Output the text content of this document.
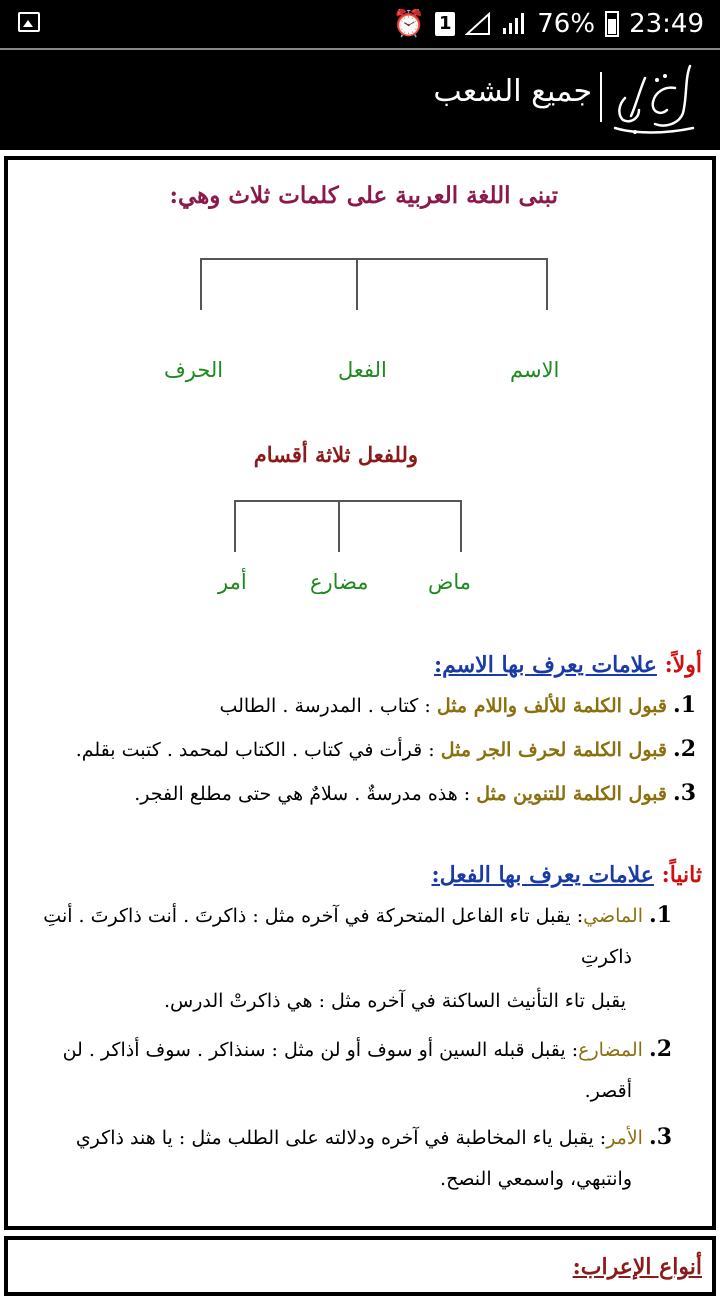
⏰ 1	76% 23:49
جميع الشعب
تبنى اللغة العربية على كلمات ثلاث وهي:
الاسم
الفعل
الحرف
وللفعل ثلاثة أقسام
ماض
مضارع
أمر
أولاً: علامات يعرف بها الاسم:
1. قبول الكلمة للألف واللام مثل : كتاب . المدرسة . الطالب
2. قبول الكلمة لحرف الجر مثل : قرأت في كتاب . الكتاب لمحمد . كتبت بقلم.
3. قبول الكلمة للتنوين مثل : هذه مدرسةٌ . سلامٌ هي حتى مطلع الفجر.
ثانياً: علامات يعرف بها الفعل:
1. الماضي: يقبل تاء الفاعل المتحركة في آخره مثل : ذاكرتَ . أنت ذاكرتَ . أنتِ
ذاكرتِ
يقبل تاء التأنيث الساكنة في آخره مثل : هي ذاكرتْ الدرس.
2. المضارع: يقبل قبله السين أو سوف أو لن مثل : سنذاكر . سوف أذاكر . لن
أقصر.
3. الأمر: يقبل ياء المخاطبة في آخره ودلالته على الطلب مثل : يا هند ذاكري
وانتبهي، واسمعي النصح.
أنواع الإعراب:
